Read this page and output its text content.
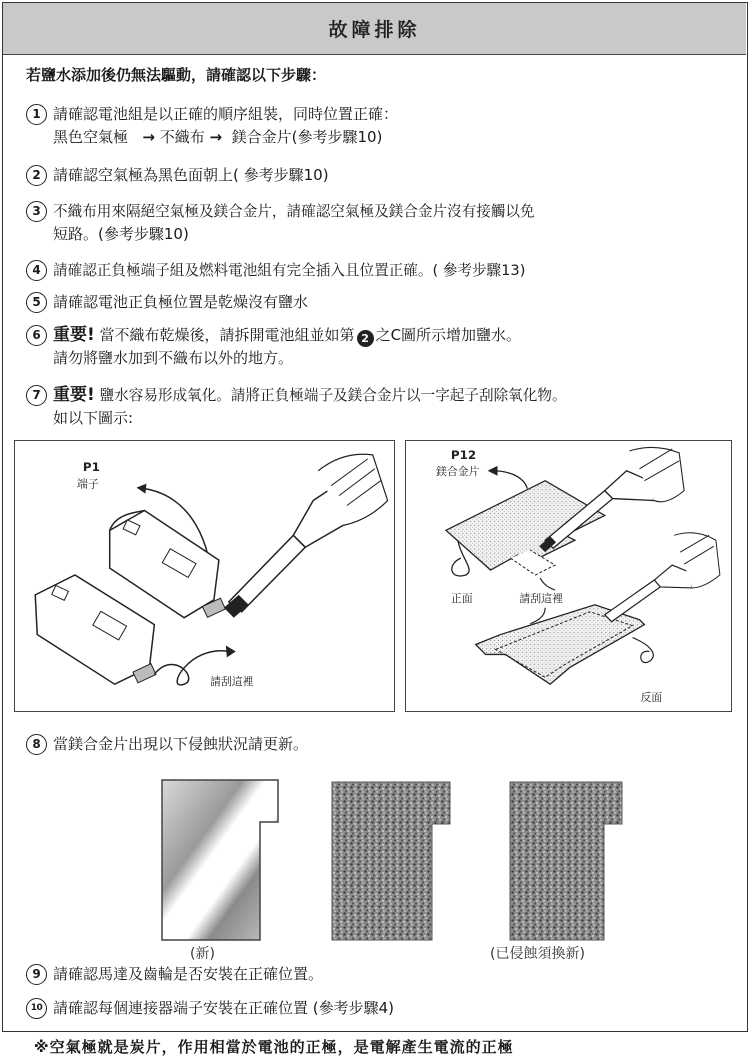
故障排除
若鹽水添加後仍無法驅動，請確認以下步驟：
1 請確認電池組是以正確的順序組裝，同時位置正確：
黑色空氣極 → 不織布 → 鎂合金片(參考步驟10)
2 請確認空氣極為黑色面朝上( 參考步驟10)
3 不織布用來隔絕空氣極及鎂合金片，請確認空氣極及鎂合金片沒有接觸以免
短路。(參考步驟10)
4 請確認正負極端子組及燃料電池組有完全插入且位置正確。( 參考步驟13)
5 請確認電池正負極位置是乾燥沒有鹽水
6 重要! 當不織布乾燥後，請拆開電池組並如第 2 之C圖所示增加鹽水。
請勿將鹽水加到不織布以外的地方。
7 重要! 鹽水容易形成氧化。請將正負極端子及鎂合金片以一字起子刮除氧化物。
如以下圖示:
P1
端子
請刮這裡
P12
鎂合金片
正面	請刮這裡
反面
8 當鎂合金片出現以下侵蝕狀況請更新。
(新)	(已侵蝕須換新)
9 請確認馬達及齒輪是否安裝在正確位置。
10 請確認每個連接器端子安裝在正確位置 (參考步驟4)
※空氣極就是炭片，作用相當於電池的正極，是電解產生電流的正極
